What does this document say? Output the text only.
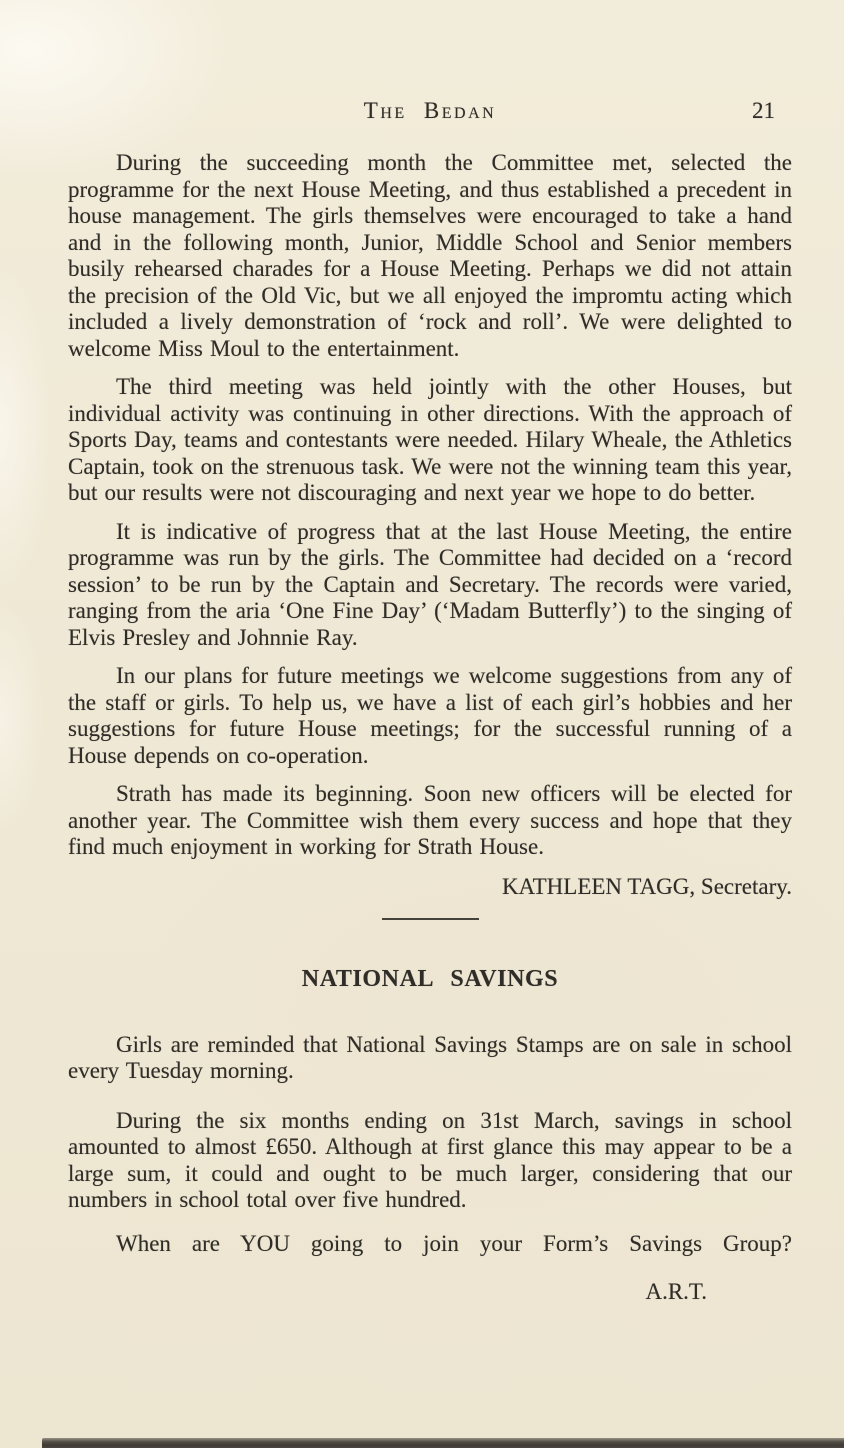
The Bedan	21

During the succeeding month the Committee met, selected the programme for the next House Meeting, and thus established a precedent in house management. The girls themselves were encouraged to take a hand and in the following month, Junior, Middle School and Senior members busily rehearsed charades for a House Meeting. Perhaps we did not attain the precision of the Old Vic, but we all enjoyed the impromtu acting which included a lively demonstration of ‘rock and roll’. We were delighted to welcome Miss Moul to the entertainment.

The third meeting was held jointly with the other Houses, but individual activity was continuing in other directions. With the approach of Sports Day, teams and contestants were needed. Hilary Wheale, the Athletics Captain, took on the strenuous task. We were not the winning team this year, but our results were not discouraging and next year we hope to do better.

It is indicative of progress that at the last House Meeting, the entire programme was run by the girls. The Committee had decided on a ‘record session’ to be run by the Captain and Secretary. The records were varied, ranging from the aria ‘One Fine Day’ (‘Madam Butterfly’) to the singing of Elvis Presley and Johnnie Ray.

In our plans for future meetings we welcome suggestions from any of the staff or girls. To help us, we have a list of each girl’s hobbies and her suggestions for future House meetings; for the successful running of a House depends on co-operation.

Strath has made its beginning. Soon new officers will be elected for another year. The Committee wish them every success and hope that they find much enjoyment in working for Strath House.

KATHLEEN TAGG, Secretary.

NATIONAL SAVINGS

Girls are reminded that National Savings Stamps are on sale in school every Tuesday morning.

During the six months ending on 31st March, savings in school amounted to almost £650. Although at first glance this may appear to be a large sum, it could and ought to be much larger, considering that our numbers in school total over five hundred.

When are YOU going to join your Form’s Savings Group?

A.R.T.
